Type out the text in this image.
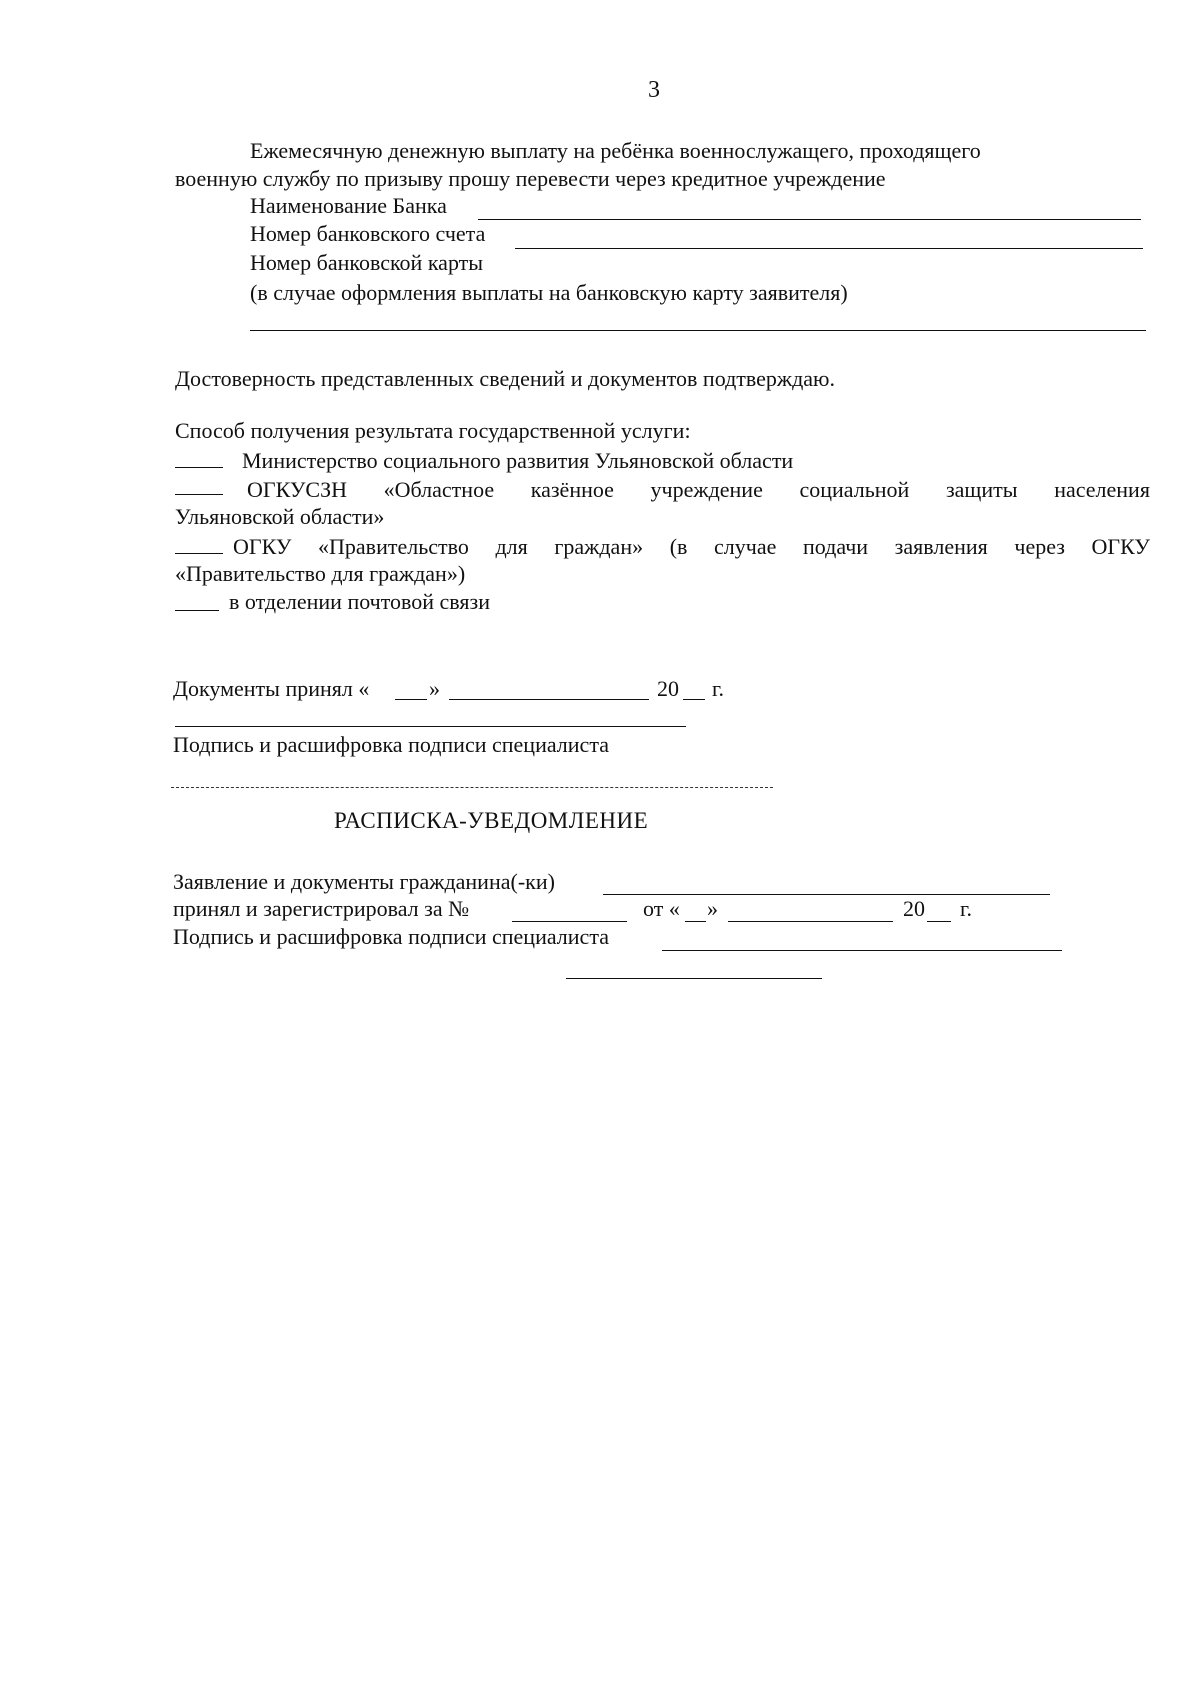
3
Ежемесячную денежную выплату на ребёнка военнослужащего, проходящего
военную службу по призыву прошу перевести через кредитное учреждение
Наименование Банка
Номер банковского счета
Номер банковской карты
(в случае оформления выплаты на банковскую карту заявителя)
Достоверность представленных сведений и документов подтверждаю.
Способ получения результата государственной услуги:
Министерство социального развития Ульяновской области
ОГКУСЗН «Областное казённое учреждение социальной защиты населения
Ульяновской области»
ОГКУ «Правительство для граждан» (в случае подачи заявления через ОГКУ
«Правительство для граждан»)
в отделении почтовой связи
Документы принял «	»	20 г.
Подпись и расшифровка подписи специалиста
РАСПИСКА-УВЕДОМЛЕНИЕ
Заявление и документы гражданина(-ки)
принял и зарегистрировал за №	от « »	20 г.
Подпись и расшифровка подписи специалиста
